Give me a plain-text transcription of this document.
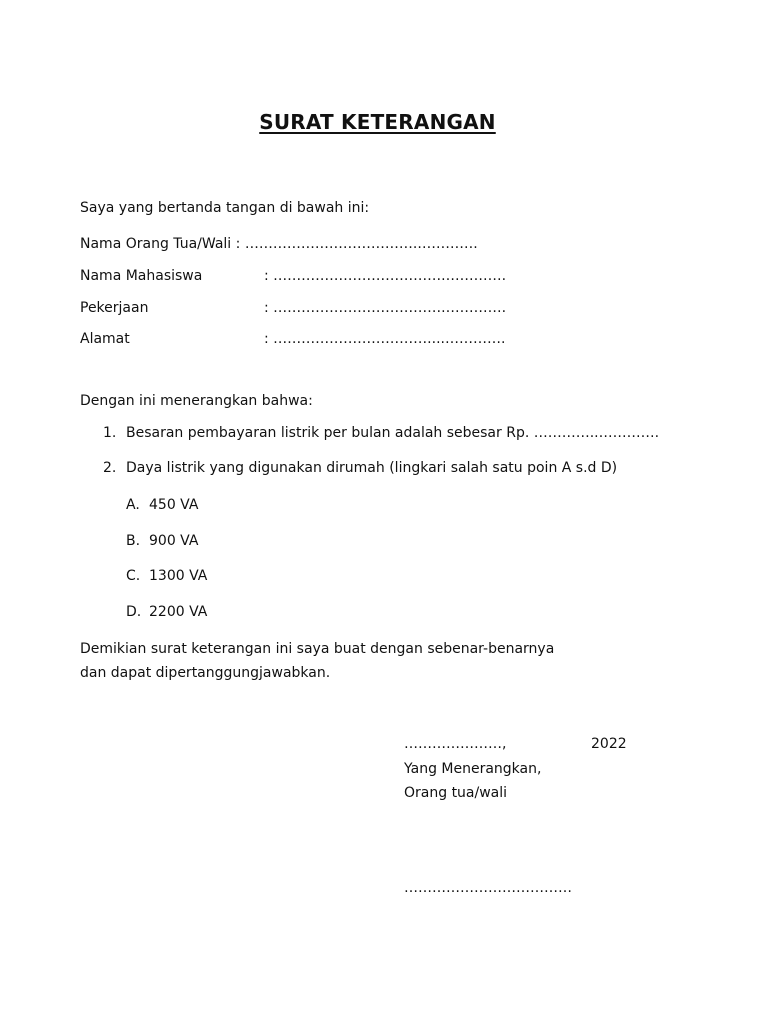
SURAT KETERANGAN
Saya yang bertanda tangan di bawah ini:
Nama Orang Tua/Wali : ……………………………….………….
Nama Mahasiswa	: ……………………………….………….
Pekerjaan	: ……………………………….………….
Alamat	: ……………………………....………….
Dengan ini menerangkan bahwa:
1. Besaran pembayaran listrik per bulan adalah sebesar Rp. …………..………….
2. Daya listrik yang digunakan dirumah (lingkari salah satu poin A s.d D)
A. 450 VA
B. 900 VA
C. 1300 VA
D. 2200 VA
Demikian surat keterangan ini saya buat dengan sebenar-benarnya dan dapat dipertanggungjawabkan.
…………………,	2022
Yang Menerangkan,
Orang tua/wali
………………………………
